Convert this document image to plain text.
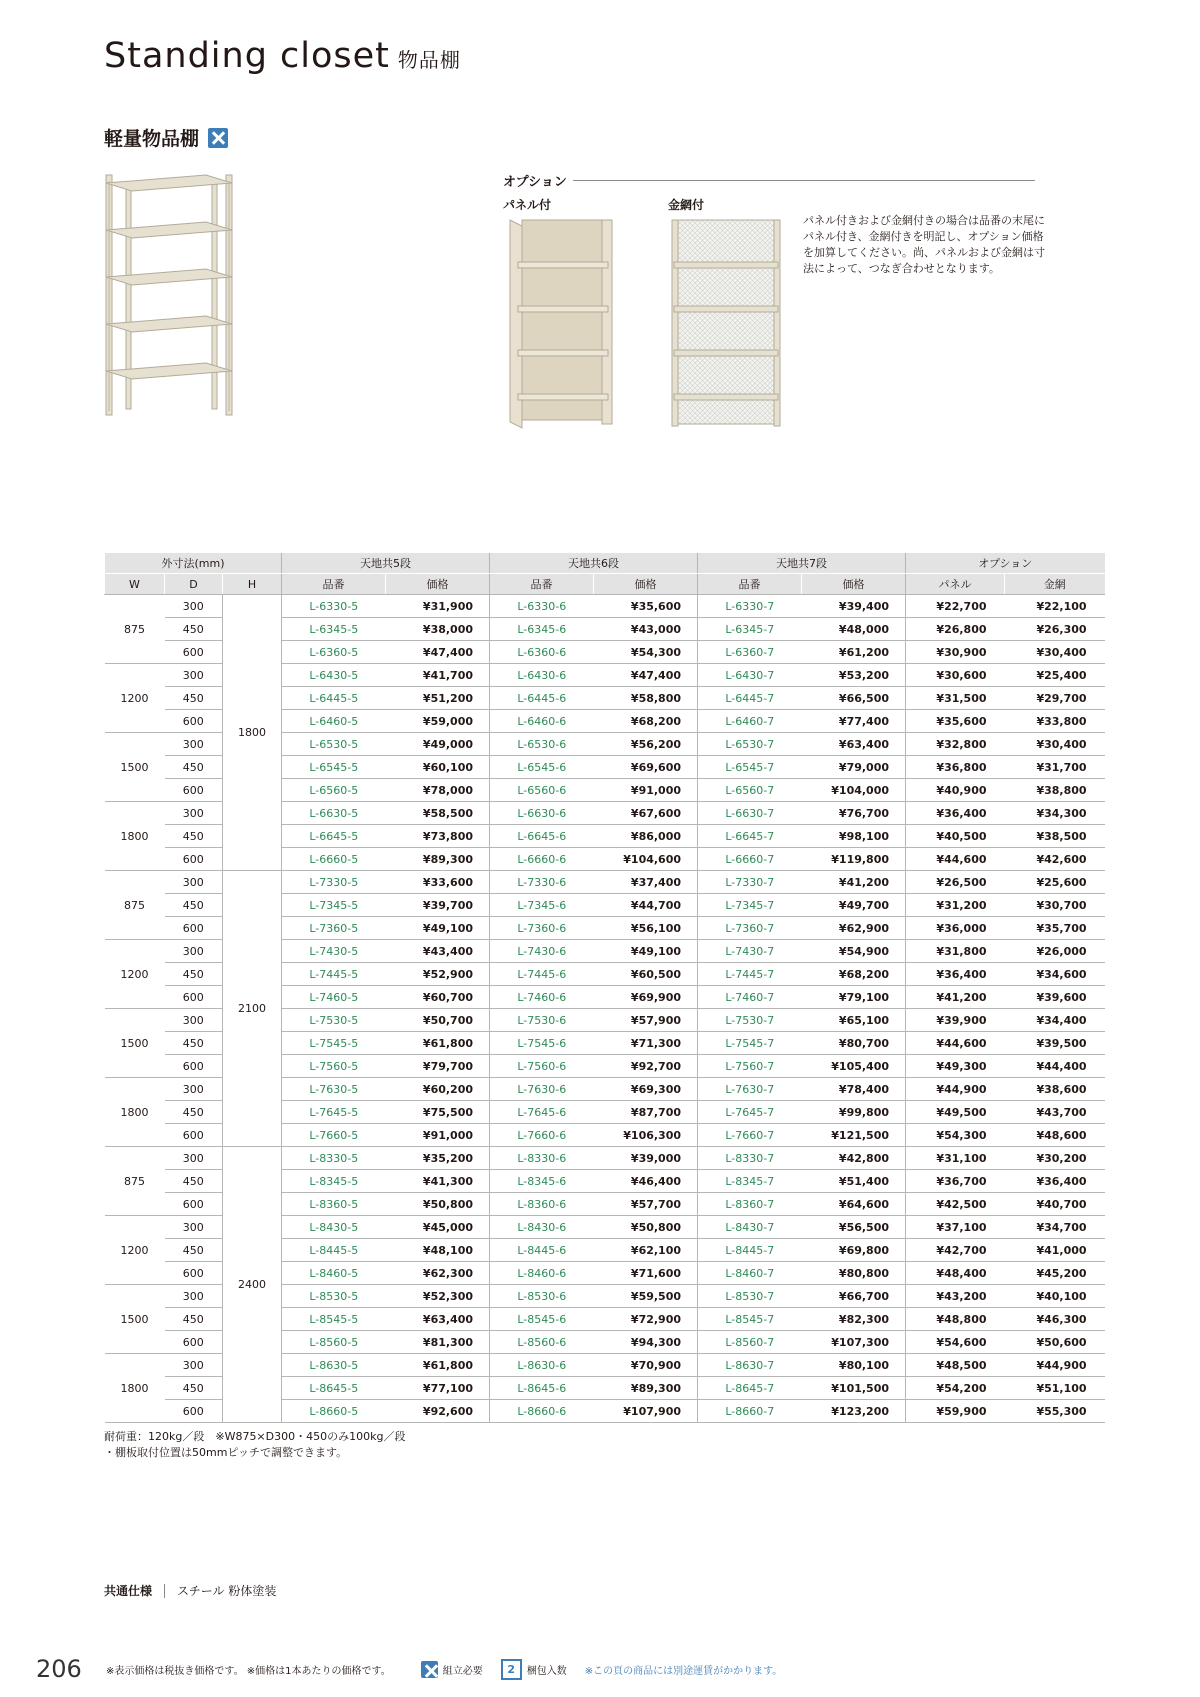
Standing closet 物品棚
軽量物品棚
オプション
パネル付	金網付
パネル付きおよび金網付きの場合は品番の末尾にパネル付き、金網付きを明記し、オプション価格を加算してください。尚、パネルおよび金網は寸法によって、つなぎ合わせとなります。
外寸法(mm)			天地共5段		天地共6段		天地共7段		オプション	
W	D	H	品番	価格	品番	価格	品番	価格	パネル	金網
875	300	1800	L-6330-5	¥31,900	L-6330-6	¥35,600	L-6330-7	¥39,400	¥22,700	¥22,100
	450		L-6345-5	¥38,000	L-6345-6	¥43,000	L-6345-7	¥48,000	¥26,800	¥26,300
	600		L-6360-5	¥47,400	L-6360-6	¥54,300	L-6360-7	¥61,200	¥30,900	¥30,400
1200	300		L-6430-5	¥41,700	L-6430-6	¥47,400	L-6430-7	¥53,200	¥30,600	¥25,400
	450		L-6445-5	¥51,200	L-6445-6	¥58,800	L-6445-7	¥66,500	¥31,500	¥29,700
	600		L-6460-5	¥59,000	L-6460-6	¥68,200	L-6460-7	¥77,400	¥35,600	¥33,800
1500	300		L-6530-5	¥49,000	L-6530-6	¥56,200	L-6530-7	¥63,400	¥32,800	¥30,400
	450		L-6545-5	¥60,100	L-6545-6	¥69,600	L-6545-7	¥79,000	¥36,800	¥31,700
	600		L-6560-5	¥78,000	L-6560-6	¥91,000	L-6560-7	¥104,000	¥40,900	¥38,800
1800	300		L-6630-5	¥58,500	L-6630-6	¥67,600	L-6630-7	¥76,700	¥36,400	¥34,300
	450		L-6645-5	¥73,800	L-6645-6	¥86,000	L-6645-7	¥98,100	¥40,500	¥38,500
	600		L-6660-5	¥89,300	L-6660-6	¥104,600	L-6660-7	¥119,800	¥44,600	¥42,600
875	300	2100	L-7330-5	¥33,600	L-7330-6	¥37,400	L-7330-7	¥41,200	¥26,500	¥25,600
	450		L-7345-5	¥39,700	L-7345-6	¥44,700	L-7345-7	¥49,700	¥31,200	¥30,700
	600		L-7360-5	¥49,100	L-7360-6	¥56,100	L-7360-7	¥62,900	¥36,000	¥35,700
1200	300		L-7430-5	¥43,400	L-7430-6	¥49,100	L-7430-7	¥54,900	¥31,800	¥26,000
	450		L-7445-5	¥52,900	L-7445-6	¥60,500	L-7445-7	¥68,200	¥36,400	¥34,600
	600		L-7460-5	¥60,700	L-7460-6	¥69,900	L-7460-7	¥79,100	¥41,200	¥39,600
1500	300		L-7530-5	¥50,700	L-7530-6	¥57,900	L-7530-7	¥65,100	¥39,900	¥34,400
	450		L-7545-5	¥61,800	L-7545-6	¥71,300	L-7545-7	¥80,700	¥44,600	¥39,500
	600		L-7560-5	¥79,700	L-7560-6	¥92,700	L-7560-7	¥105,400	¥49,300	¥44,400
1800	300		L-7630-5	¥60,200	L-7630-6	¥69,300	L-7630-7	¥78,400	¥44,900	¥38,600
	450		L-7645-5	¥75,500	L-7645-6	¥87,700	L-7645-7	¥99,800	¥49,500	¥43,700
	600		L-7660-5	¥91,000	L-7660-6	¥106,300	L-7660-7	¥121,500	¥54,300	¥48,600
875	300	2400	L-8330-5	¥35,200	L-8330-6	¥39,000	L-8330-7	¥42,800	¥31,100	¥30,200
	450		L-8345-5	¥41,300	L-8345-6	¥46,400	L-8345-7	¥51,400	¥36,700	¥36,400
	600		L-8360-5	¥50,800	L-8360-6	¥57,700	L-8360-7	¥64,600	¥42,500	¥40,700
1200	300		L-8430-5	¥45,000	L-8430-6	¥50,800	L-8430-7	¥56,500	¥37,100	¥34,700
	450		L-8445-5	¥48,100	L-8445-6	¥62,100	L-8445-7	¥69,800	¥42,700	¥41,000
	600		L-8460-5	¥62,300	L-8460-6	¥71,600	L-8460-7	¥80,800	¥48,400	¥45,200
1500	300		L-8530-5	¥52,300	L-8530-6	¥59,500	L-8530-7	¥66,700	¥43,200	¥40,100
	450		L-8545-5	¥63,400	L-8545-6	¥72,900	L-8545-7	¥82,300	¥48,800	¥46,300
	600		L-8560-5	¥81,300	L-8560-6	¥94,300	L-8560-7	¥107,300	¥54,600	¥50,600
1800	300		L-8630-5	¥61,800	L-8630-6	¥70,900	L-8630-7	¥80,100	¥48,500	¥44,900
	450		L-8645-5	¥77,100	L-8645-6	¥89,300	L-8645-7	¥101,500	¥54,200	¥51,100
	600		L-8660-5	¥92,600	L-8660-6	¥107,900	L-8660-7	¥123,200	¥59,900	¥55,300
耐荷重：120kg／段　※W875×D300・450のみ100kg／段
・棚板取付位置は50mmピッチで調整できます。
共通仕様 スチール 粉体塗装
206	※表示価格は税抜き価格です。 ※価格は1本あたりの価格です。	組立必要	2	梱包入数 ※この頁の商品には別途運賃がかかります。
